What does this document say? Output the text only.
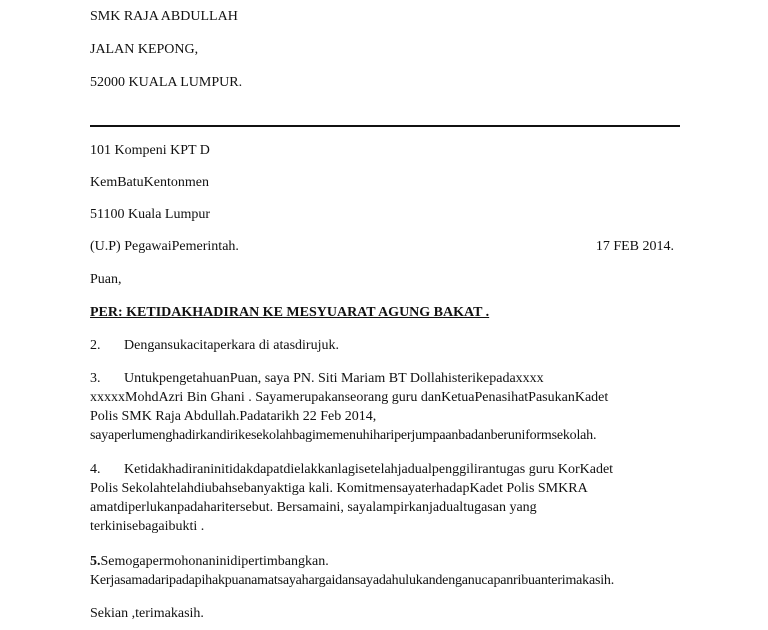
SMK RAJA ABDULLAH
JALAN KEPONG,
52000 KUALA LUMPUR.
101 Kompeni KPT D
KemBatuKentonmen
51100 Kuala Lumpur
(U.P) PegawaiPemerintah.	17 FEB 2014.
Puan,
PER: KETIDAKHADIRAN KE MESYUARAT AGUNG BAKAT .
2. Dengansukacitaperkara di atasdirujuk.
3. UntukpengetahuanPuan, saya PN. Siti Mariam BT Dollahisterikepadaxxxx
xxxxxMohdAzri Bin Ghani . Sayamerupakanseorang guru danKetuaPenasihatPasukanKadet
Polis SMK Raja Abdullah.Padatarikh 22 Feb 2014,
sayaperlumenghadirkandirikesekolahbagimemenuhihariperjumpaanbadanberuniformsekolah.
4. Ketidakhadiraninitidakdapatdielakkanlagisetelahjadualpenggilirantugas guru KorKadet
Polis Sekolahtelahdiubahsebanyaktiga kali. KomitmensayaterhadapKadet Polis SMKRA
amatdiperlukanpadaharitersebut. Bersamaini, sayalampirkanjadualtugasan yang
terkinisebagaibukti .
5.Semogapermohonaninidipertimbangkan.
Kerjasamadaripadapihakpuanamatsayahargaidansayadahulukandenganucapanribuanterimakasih.
Sekian ,terimakasih.
